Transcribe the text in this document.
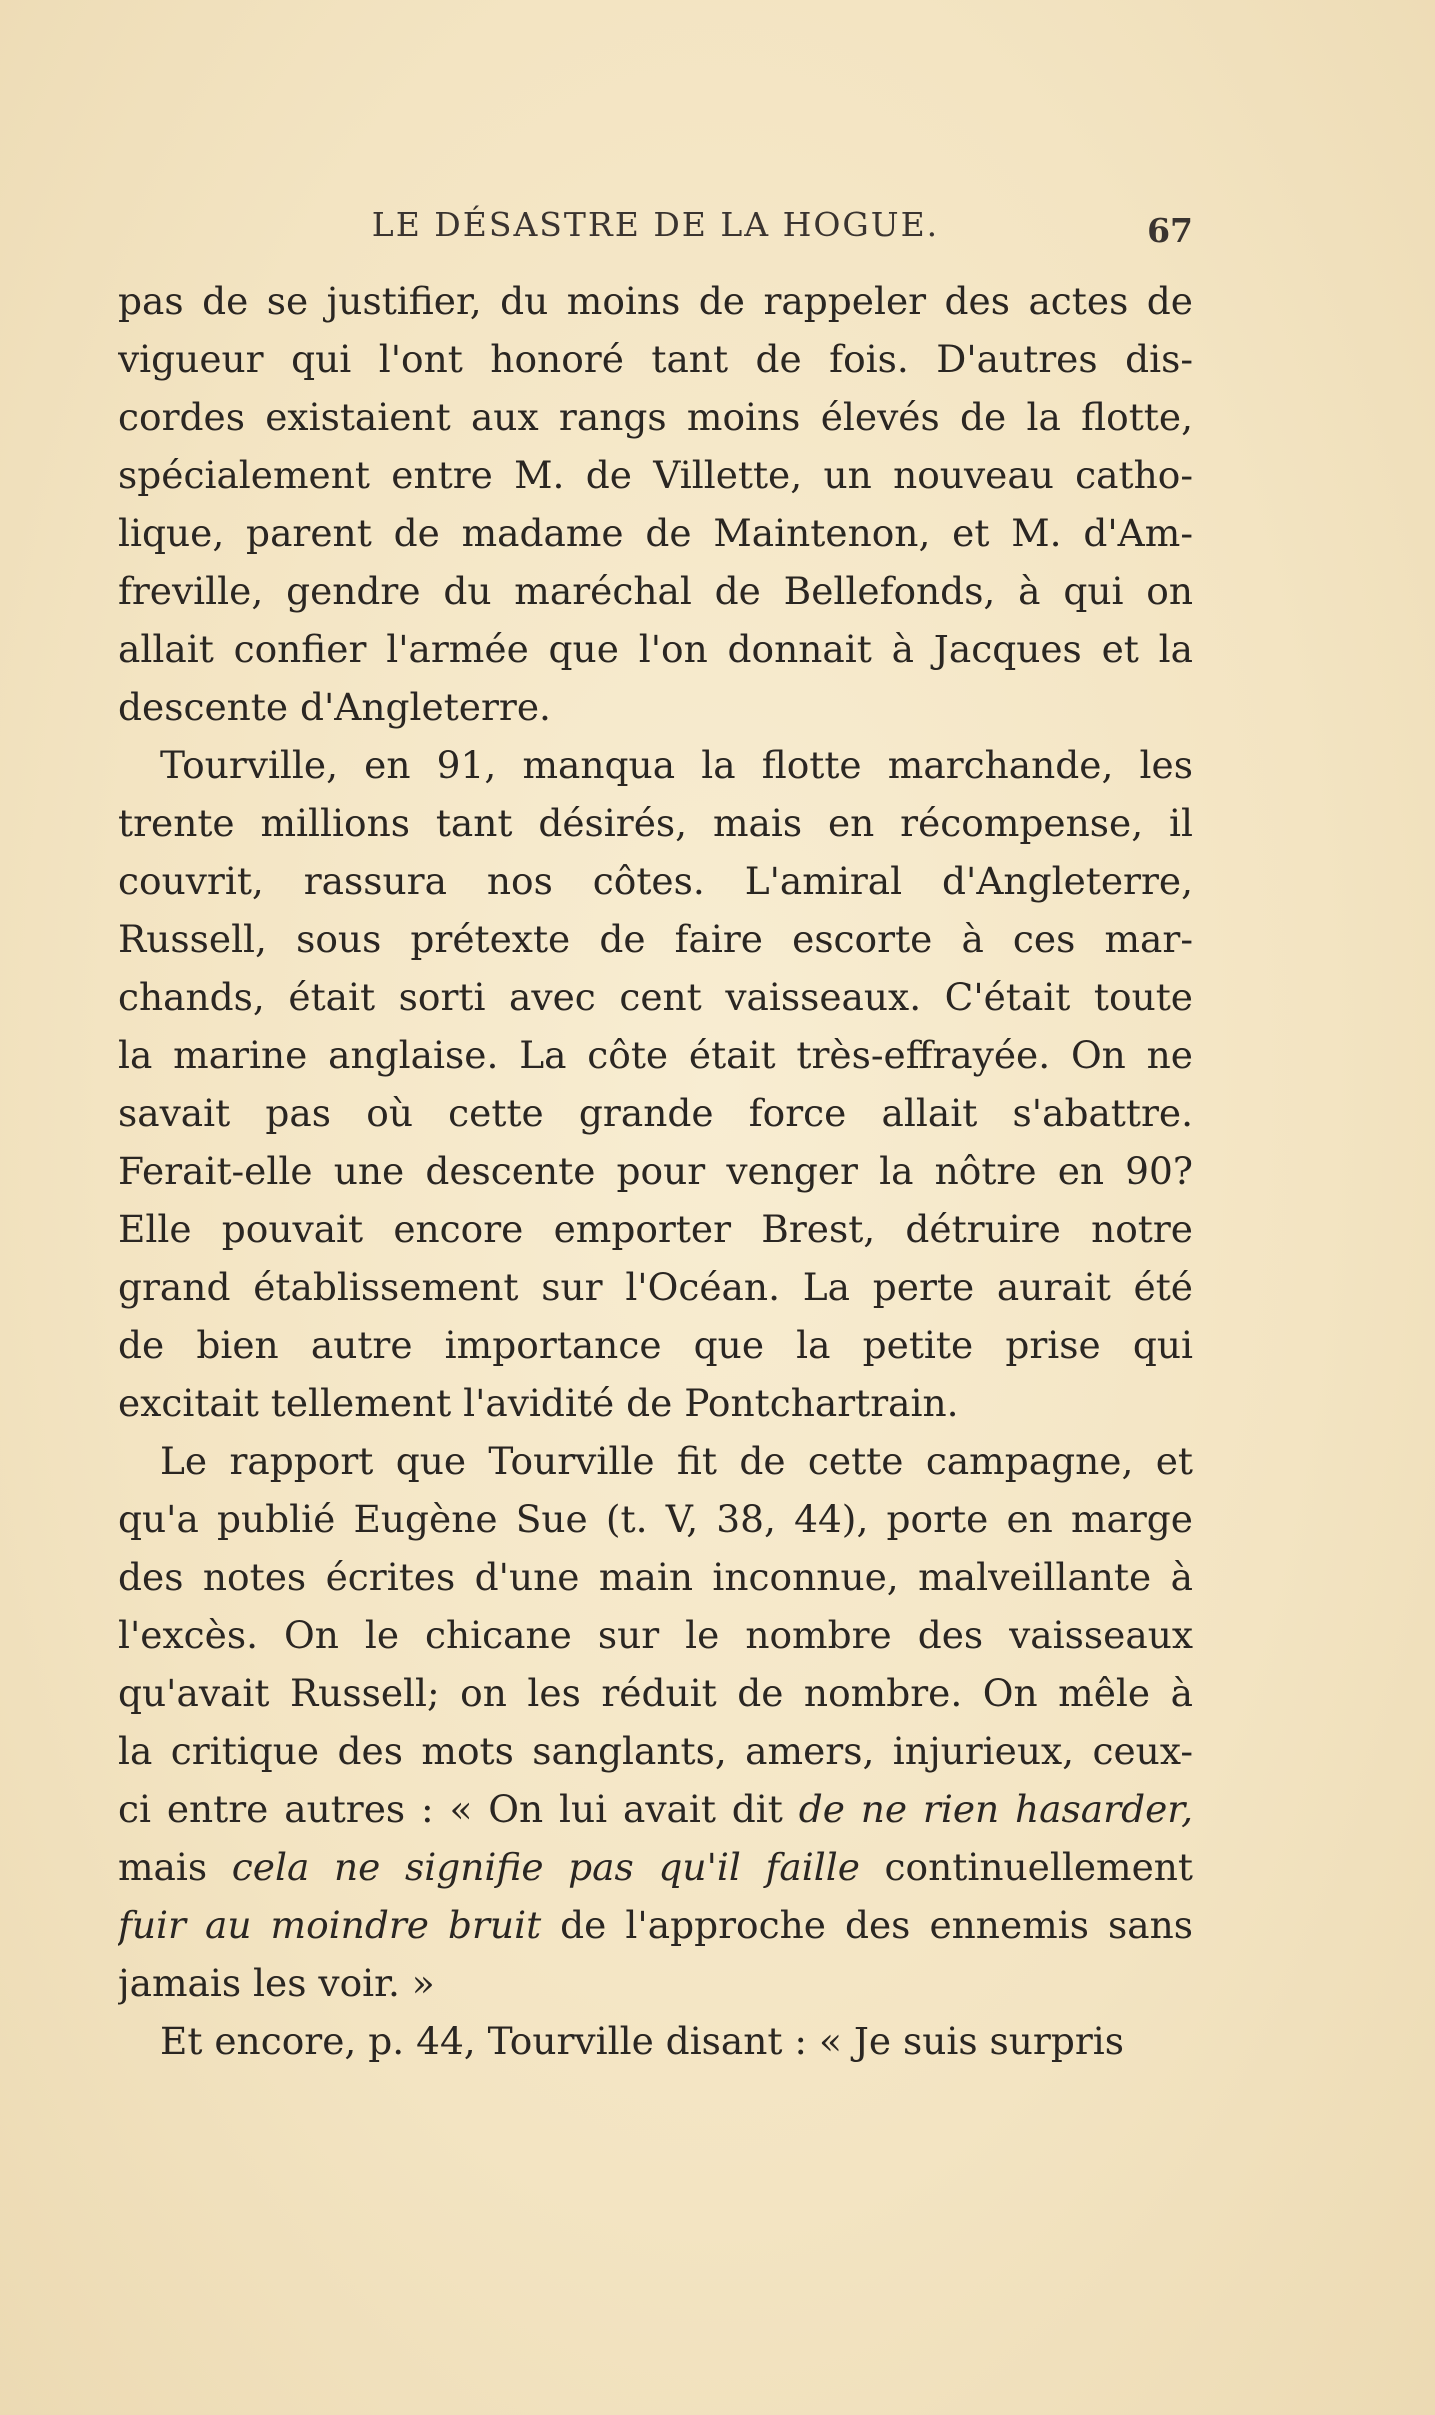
LE DÉSASTRE DE LA HOGUE.	67
pas de se justifier, du moins de rappeler des actes de
vigueur qui l'ont honoré tant de fois. D'autres dis-
cordes existaient aux rangs moins élevés de la flotte,
spécialement entre M. de Villette, un nouveau catho-
lique, parent de madame de Maintenon, et M. d'Am-
freville, gendre du maréchal de Bellefonds, à qui on
allait confier l'armée que l'on donnait à Jacques et la
descente d'Angleterre.
Tourville, en 91, manqua la flotte marchande, les
trente millions tant désirés, mais en récompense, il
couvrit, rassura nos côtes. L'amiral d'Angleterre,
Russell, sous prétexte de faire escorte à ces mar-
chands, était sorti avec cent vaisseaux. C'était toute
la marine anglaise. La côte était très-effrayée. On ne
savait pas où cette grande force allait s'abattre.
Ferait-elle une descente pour venger la nôtre en 90?
Elle pouvait encore emporter Brest, détruire notre
grand établissement sur l'Océan. La perte aurait été
de bien autre importance que la petite prise qui
excitait tellement l'avidité de Pontchartrain.
Le rapport que Tourville fit de cette campagne, et
qu'a publié Eugène Sue (t. V, 38, 44), porte en marge
des notes écrites d'une main inconnue, malveillante à
l'excès. On le chicane sur le nombre des vaisseaux
qu'avait Russell; on les réduit de nombre. On mêle à
la critique des mots sanglants, amers, injurieux, ceux-
ci entre autres : « On lui avait dit de ne rien hasarder,
mais cela ne signifie pas qu'il faille continuellement
fuir au moindre bruit de l'approche des ennemis sans
jamais les voir. »
Et encore, p. 44, Tourville disant : « Je suis surpris
